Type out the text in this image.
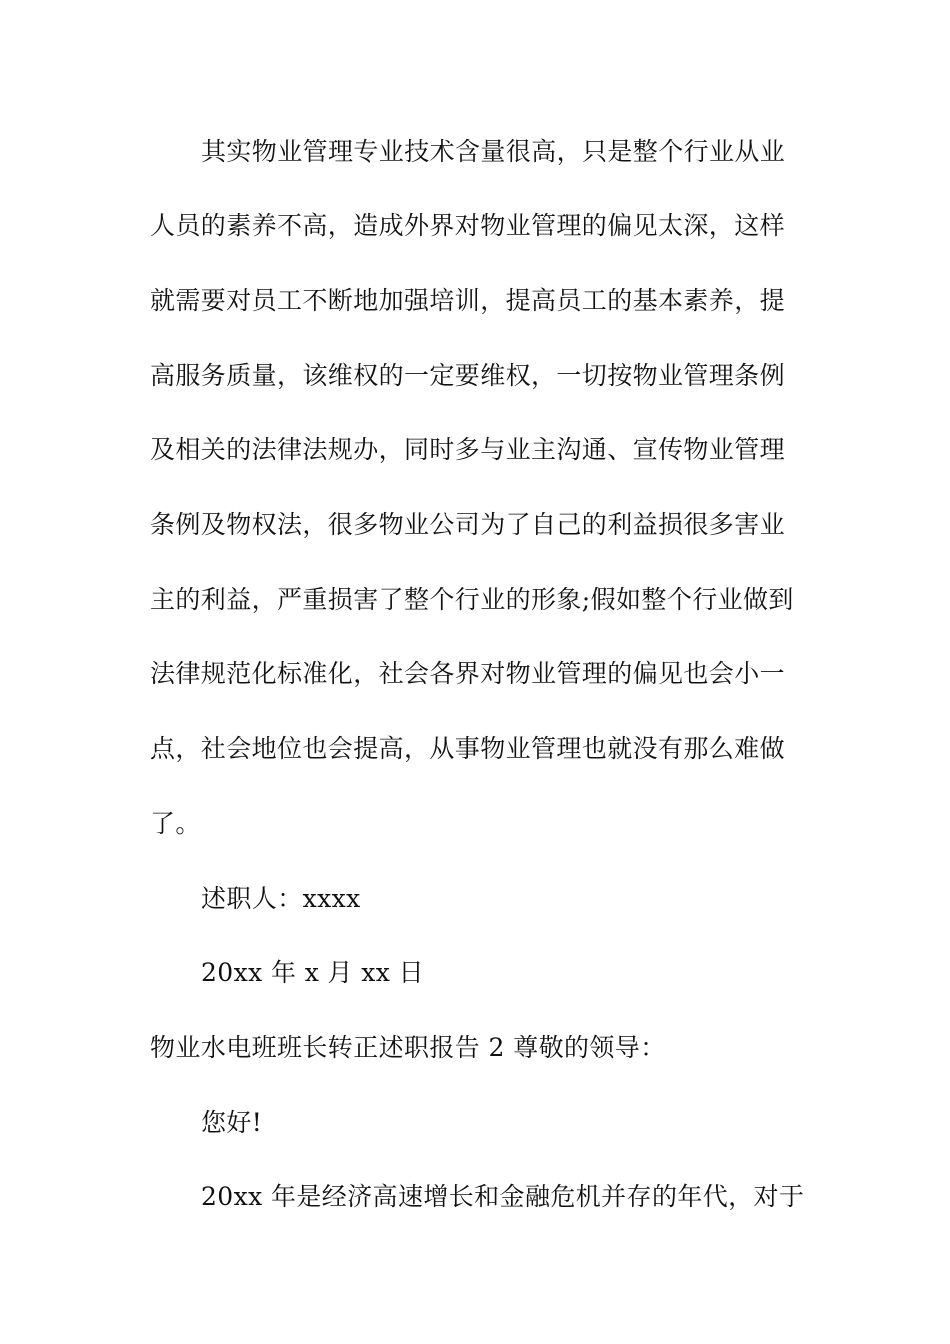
其实物业管理专业技术含量很高，只是整个行业从业
人员的素养不高，造成外界对物业管理的偏见太深，这样
就需要对员工不断地加强培训，提高员工的基本素养，提
高服务质量，该维权的一定要维权，一切按物业管理条例
及相关的法律法规办，同时多与业主沟通、宣传物业管理
条例及物权法，很多物业公司为了自己的利益损很多害业
主的利益，严重损害了整个行业的形象;假如整个行业做到
法律规范化标准化，社会各界对物业管理的偏见也会小一
点，社会地位也会提高，从事物业管理也就没有那么难做
了。
述职人：xxxx
20xx 年 x 月 xx 日
物业水电班班长转正述职报告 2 尊敬的领导：
您好!
20xx 年是经济高速增长和金融危机并存的年代，对于
